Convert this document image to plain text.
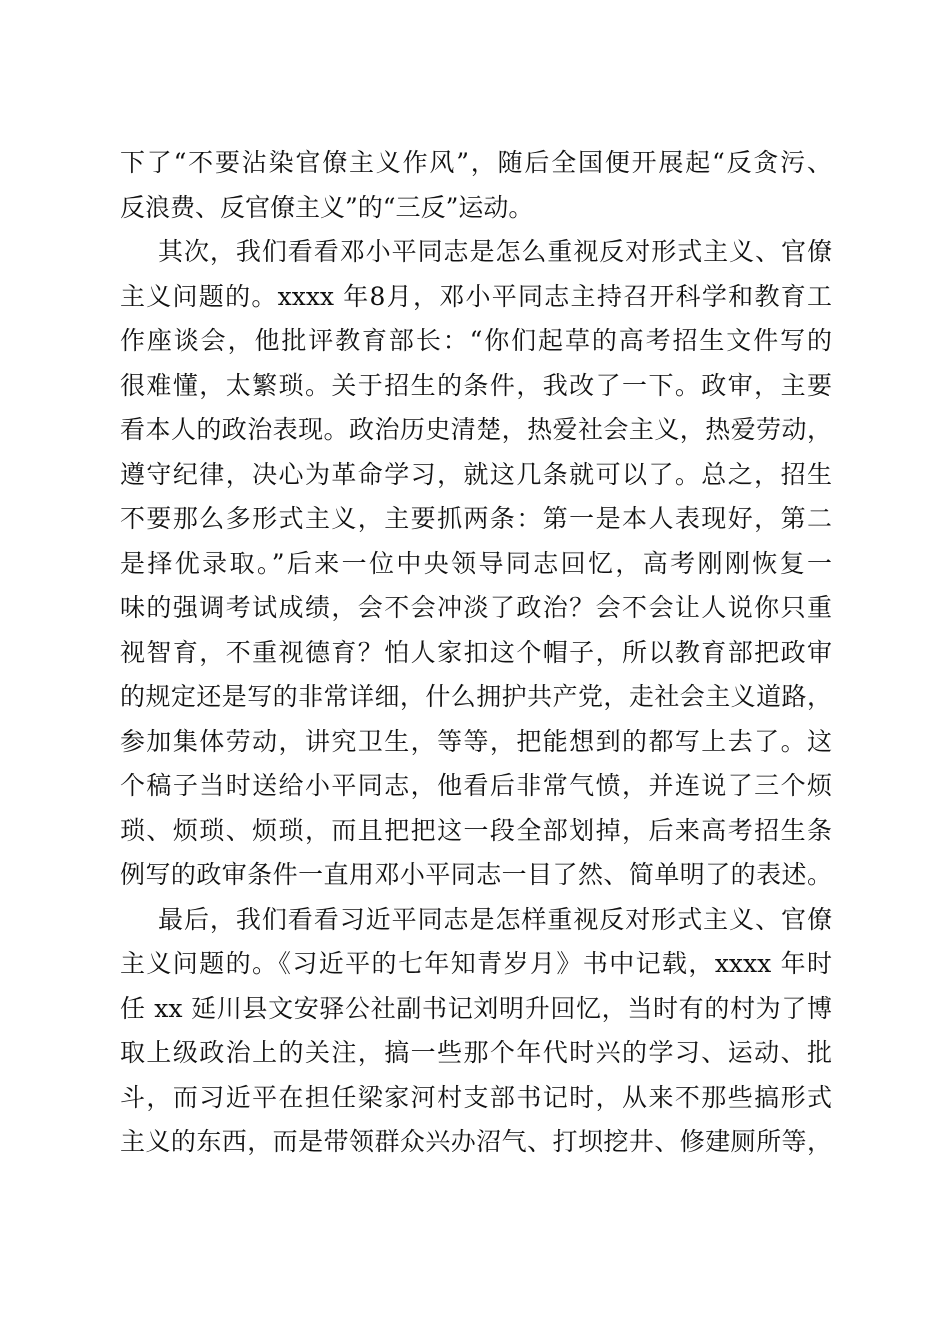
下了“不要沾染官僚主义作风”，随后全国便开展起“反贪污、
反浪费、反官僚主义”的“三反”运动。
其次，我们看看邓小平同志是怎么重视反对形式主义、官僚
主义问题的。xxxx 年8月，邓小平同志主持召开科学和教育工
作座谈会，他批评教育部长：“你们起草的高考招生文件写的
很难懂，太繁琐。关于招生的条件，我改了一下。政审，主要
看本人的政治表现。政治历史清楚，热爱社会主义，热爱劳动，
遵守纪律，决心为革命学习，就这几条就可以了。总之，招生
不要那么多形式主义，主要抓两条：第一是本人表现好，第二
是择优录取。”后来一位中央领导同志回忆，高考刚刚恢复一
味的强调考试成绩，会不会冲淡了政治？会不会让人说你只重
视智育，不重视德育？怕人家扣这个帽子，所以教育部把政审
的规定还是写的非常详细，什么拥护共产党，走社会主义道路，
参加集体劳动，讲究卫生，等等，把能想到的都写上去了。这
个稿子当时送给小平同志，他看后非常气愤，并连说了三个烦
琐、烦琐、烦琐，而且把把这一段全部划掉，后来高考招生条
例写的政审条件一直用邓小平同志一目了然、简单明了的表述。
最后，我们看看习近平同志是怎样重视反对形式主义、官僚
主义问题的。《习近平的七年知青岁月》书中记载，xxxx 年时
任 xx 延川县文安驿公社副书记刘明升回忆，当时有的村为了博
取上级政治上的关注，搞一些那个年代时兴的学习、运动、批
斗，而习近平在担任梁家河村支部书记时，从来不那些搞形式
主义的东西，而是带领群众兴办沼气、打坝挖井、修建厕所等，
